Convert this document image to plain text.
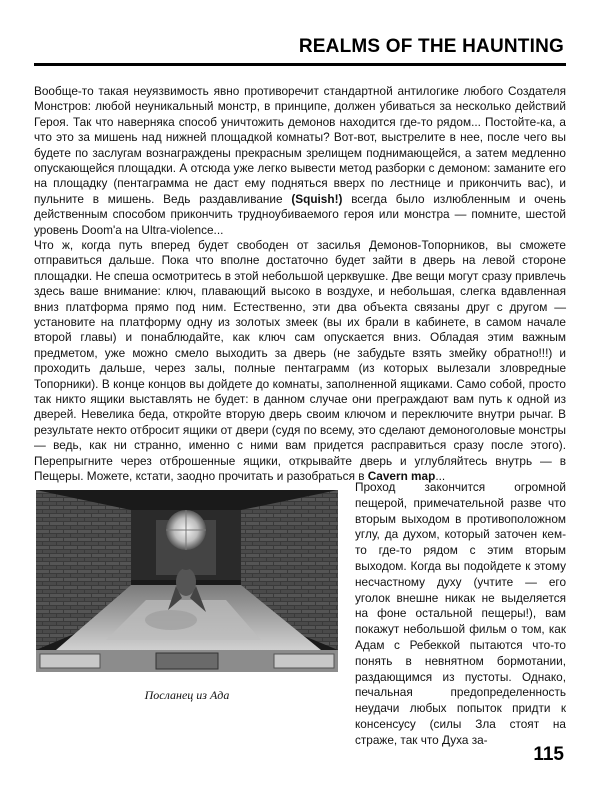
REALMS OF THE HAUNTING

Вообще-то такая неуязвимость явно противоречит стандартной антилогике любого Создателя Монстров: любой неуникальный монстр, в принципе, должен убиваться за несколько действий Героя. Так что наверняка способ уничтожить демонов находится где-то рядом... Постойте-ка, а что это за мишень над нижней площадкой комнаты? Вот-вот, выстрелите в нее, после чего вы будете по заслугам вознаграждены прекрасным зрелищем поднимающейся, а затем медленно опускающейся площадки. А отсюда уже легко вывести метод разборки с демоном: заманите его на площадку (пентаграмма не даст ему подняться вверх по лестнице и прикончить вас), и пульните в мишень. Ведь раздавливание (Squish!) всегда было излюбленным и очень действенным способом прикончить трудноубиваемого героя или монстра — помните, шестой уровень Doom'а на Ultra-violence...

Что ж, когда путь вперед будет свободен от засилья Демонов-Топорников, вы сможете отправиться дальше. Пока что вполне достаточно будет зайти в дверь на левой стороне площадки. Не спеша осмотритесь в этой небольшой церквушке. Две вещи могут сразу привлечь здесь ваше внимание: ключ, плавающий высоко в воздухе, и небольшая, слегка вдавленная вниз платформа прямо под ним. Естественно, эти два объекта связаны друг с другом — установите на платформу одну из золотых змеек (вы их брали в кабинете, в самом начале второй главы) и понаблюдайте, как ключ сам опускается вниз. Обладая этим важным предметом, уже можно смело выходить за дверь (не забудьте взять змейку обратно!!!) и проходить дальше, через залы, полные пентаграмм (из которых вылезали зловредные Топорники). В конце концов вы дойдете до комнаты, заполненной ящиками. Само собой, просто так никто ящики выставлять не будет: в данном случае они преграждают вам путь к одной из дверей. Невелика беда, откройте вторую дверь своим ключом и переключите внутри рычаг. В результате некто отбросит ящики от двери (судя по всему, это сделают демоноголовые монстры — ведь, как ни странно, именно с ними вам придется расправиться сразу после этого). Перепрыгните через отброшенные ящики, открывайте дверь и углубляйтесь внутрь — в Пещеры. Можете, кстати, заодно прочитать и разобраться в Cavern map...

Посланец из Ада
Проход закончится огромной пещерой, примечательной разве что вторым выходом в противоположном углу, да духом, который заточен кем-то где-то рядом с этим вторым выходом. Когда вы подойдете к этому несчастному духу (учтите — его уголок внешне никак не выделяется на фоне остальной пещеры!), вам покажут небольшой фильм о том, как Адам с Ребеккой пытаются что-то понять в невнятном бормотании, раздающимся из пустоты. Однако, печальная предопределенность неудачи любых попыток придти к консенсусу (силы Зла стоят на страже, так что Духа за-
115
